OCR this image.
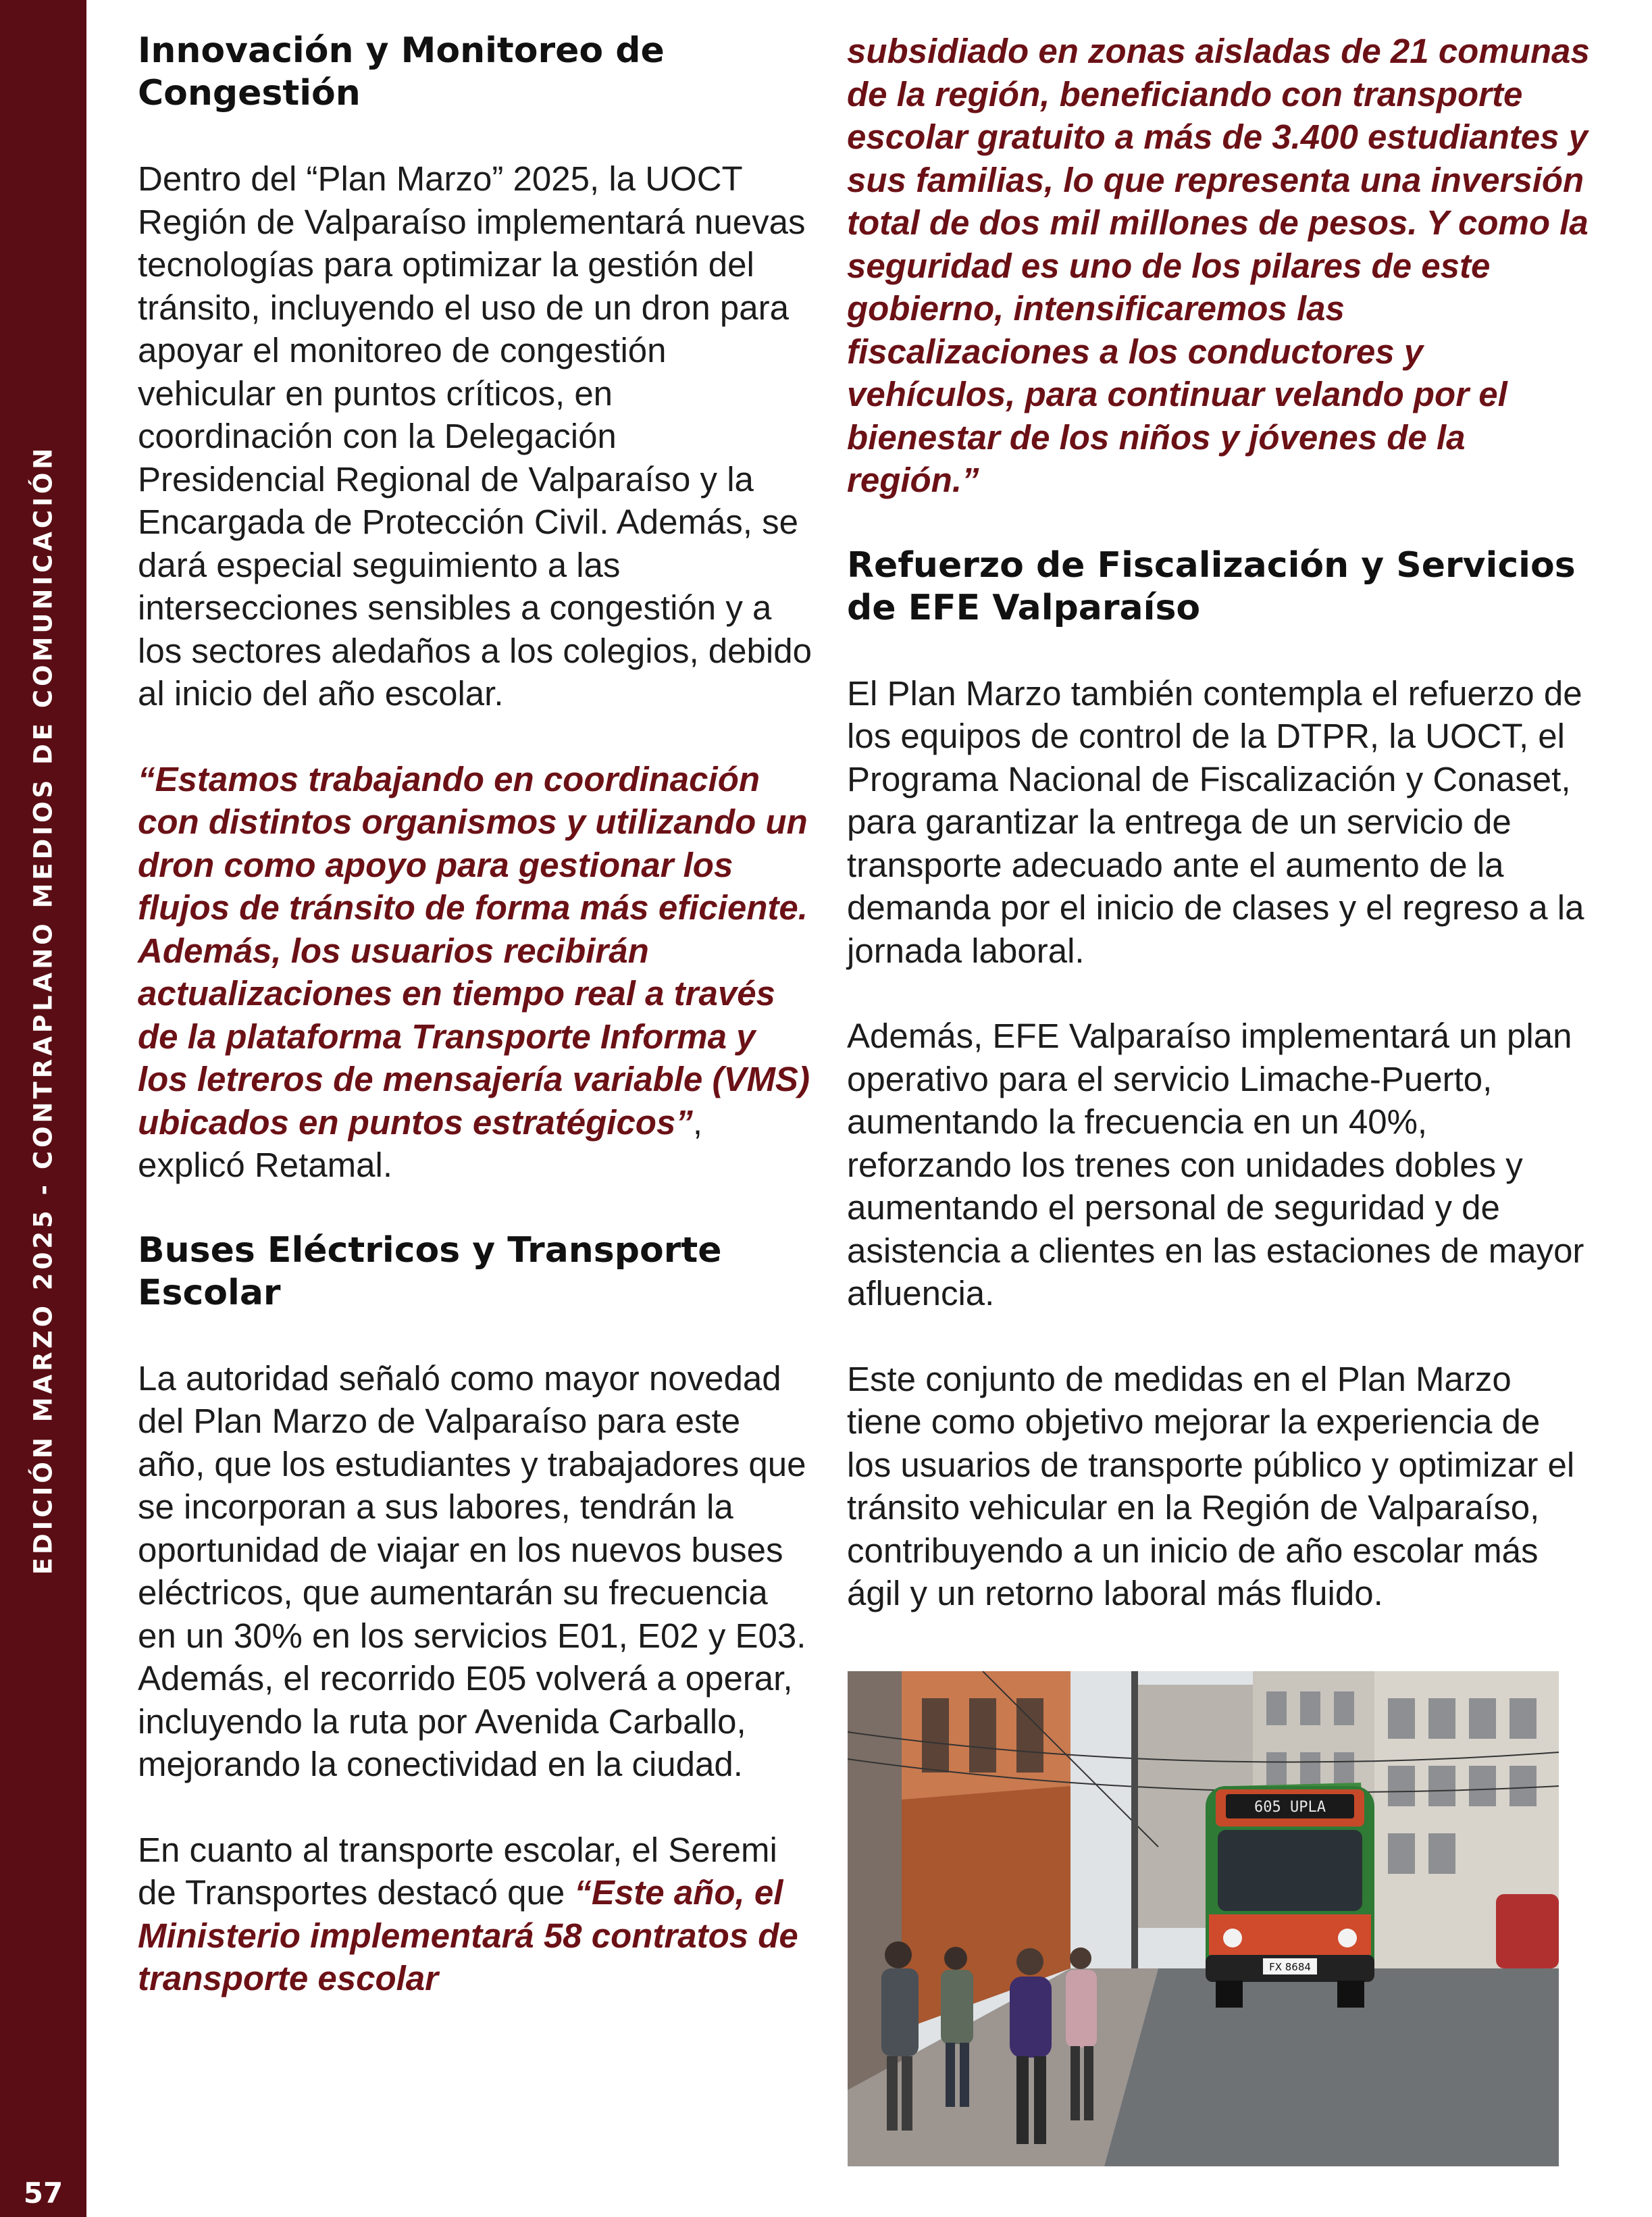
EDICIÓN MARZO 2025 - CONTRAPLANO MEDIOS DE COMUNICACIÓN
57
Innovación y Monitoreo de Congestión

Dentro del “Plan Marzo” 2025, la UOCT Región de Valparaíso implementará nuevas tecnologías para optimizar la gestión del tránsito, incluyendo el uso de un dron para apoyar el monitoreo de congestión vehicular en puntos críticos, en coordinación con la Delegación Presidencial Regional de Valparaíso y la Encargada de Protección Civil. Además, se dará especial seguimiento a las intersecciones sensibles a congestión y a los sectores aledaños a los colegios, debido al inicio del año escolar.

“Estamos trabajando en coordinación con distintos organismos y utilizando un dron como apoyo para gestionar los flujos de tránsito de forma más eficiente. Además, los usuarios recibirán actualizaciones en tiempo real a través de la plataforma Transporte Informa y los letreros de mensajería variable (VMS) ubicados en puntos estratégicos”, explicó Retamal.

Buses Eléctricos y Transporte Escolar

La autoridad señaló como mayor novedad del Plan Marzo de Valparaíso para este año, que los estudiantes y trabajadores que se incorporan a sus labores, tendrán la oportunidad de viajar en los nuevos buses eléctricos, que aumentarán su frecuencia en un 30% en los servicios E01, E02 y E03. Además, el recorrido E05 volverá a operar, incluyendo la ruta por Avenida Carballo, mejorando la conectividad en la ciudad.

En cuanto al transporte escolar, el Seremi de Transportes destacó que “Este año, el Ministerio implementará 58 contratos de transporte escolar

subsidiado en zonas aisladas de 21 comunas de la región, beneficiando con transporte escolar gratuito a más de 3.400 estudiantes y sus familias, lo que representa una inversión total de dos mil millones de pesos. Y como la seguridad es uno de los pilares de este gobierno, intensificaremos las fiscalizaciones a los conductores y vehículos, para continuar velando por el bienestar de los niños y jóvenes de la región.”

Refuerzo de Fiscalización y Servicios de EFE Valparaíso

El Plan Marzo también contempla el refuerzo de los equipos de control de la DTPR, la UOCT, el Programa Nacional de Fiscalización y Conaset, para garantizar la entrega de un servicio de transporte adecuado ante el aumento de la demanda por el inicio de clases y el regreso a la jornada laboral.

Además, EFE Valparaíso implementará un plan operativo para el servicio Limache-Puerto, aumentando la frecuencia en un 40%, reforzando los trenes con unidades dobles y aumentando el personal de seguridad y de asistencia a clientes en las estaciones de mayor afluencia.

Este conjunto de medidas en el Plan Marzo tiene como objetivo mejorar la experiencia de los usuarios de transporte público y optimizar el tránsito vehicular en la Región de Valparaíso, contribuyendo a un inicio de año escolar más ágil y un retorno laboral más fluido.

605 UPLA
FX 8684
